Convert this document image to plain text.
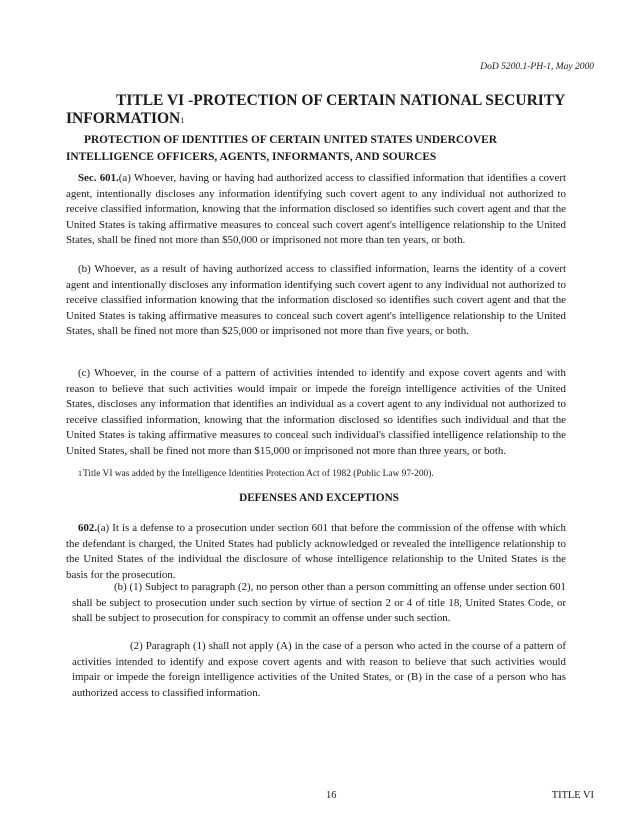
DoD 5200.1-PH-1, May 2000
TITLE VI -PROTECTION OF CERTAIN NATIONAL SECURITY
INFORMATION1
PROTECTION OF IDENTITIES OF CERTAIN UNITED STATES UNDERCOVER
INTELLIGENCE OFFICERS, AGENTS, INFORMANTS, AND SOURCES
Sec. 601.(a) Whoever, having or having had authorized access to classified information that identifies a covert agent, intentionally discloses any information identifying such covert agent to any individual not authorized to receive classified information, knowing that the information disclosed so identifies such covert agent and that the United States is taking affirmative measures to conceal such covert agent's intelligence relationship to the United States, shall be fined not more than $50,000 or imprisoned not more than ten years, or both.
(b) Whoever, as a result of having authorized access to classified information, learns the identity of a covert agent and intentionally discloses any information identifying such covert agent to any individual not authorized to receive classified information knowing that the information disclosed so identifies such covert agent and that the United States is taking affirmative measures to conceal such covert agent's intelligence relationship to the United States, shall be fined not more than $25,000 or imprisoned not more than five years, or both.
(c) Whoever, in the course of a pattern of activities intended to identify and expose covert agents and with reason to believe that such activities would impair or impede the foreign intelligence activities of the United States, discloses any information that identifies an individual as a covert agent to any individual not authorized to receive classified information, knowing that the information disclosed so identifies such individual and that the United States is taking affirmative measures to conceal such individual's classified intelligence relationship to the United States, shall be fined not more than $15,000 or imprisoned not more than three years, or both.
1Title VI was added by the Intelligence Identities Protection Act of 1982 (Public Law 97-200).
DEFENSES AND EXCEPTIONS
602.(a) It is a defense to a prosecution under section 601 that before the commission of the offense with which the defendant is charged, the United States had publicly acknowledged or revealed the intelligence relationship to the United States of the individual the disclosure of whose intelligence relationship to the United States is the basis for the prosecution.
(b) (1) Subject to paragraph (2), no person other than a person committing an offense under section 601 shall be subject to prosecution under such section by virtue of section 2 or 4 of title 18, United States Code, or shall be subject to prosecution for conspiracy to commit an offense under such section.
(2) Paragraph (1) shall not apply (A) in the case of a person who acted in the course of a pattern of activities intended to identify and expose covert agents and with reason to believe that such activities would impair or impede the foreign intelligence activities of the United States, or (B) in the case of a person who has authorized access to classified information.
16	TITLE VI
